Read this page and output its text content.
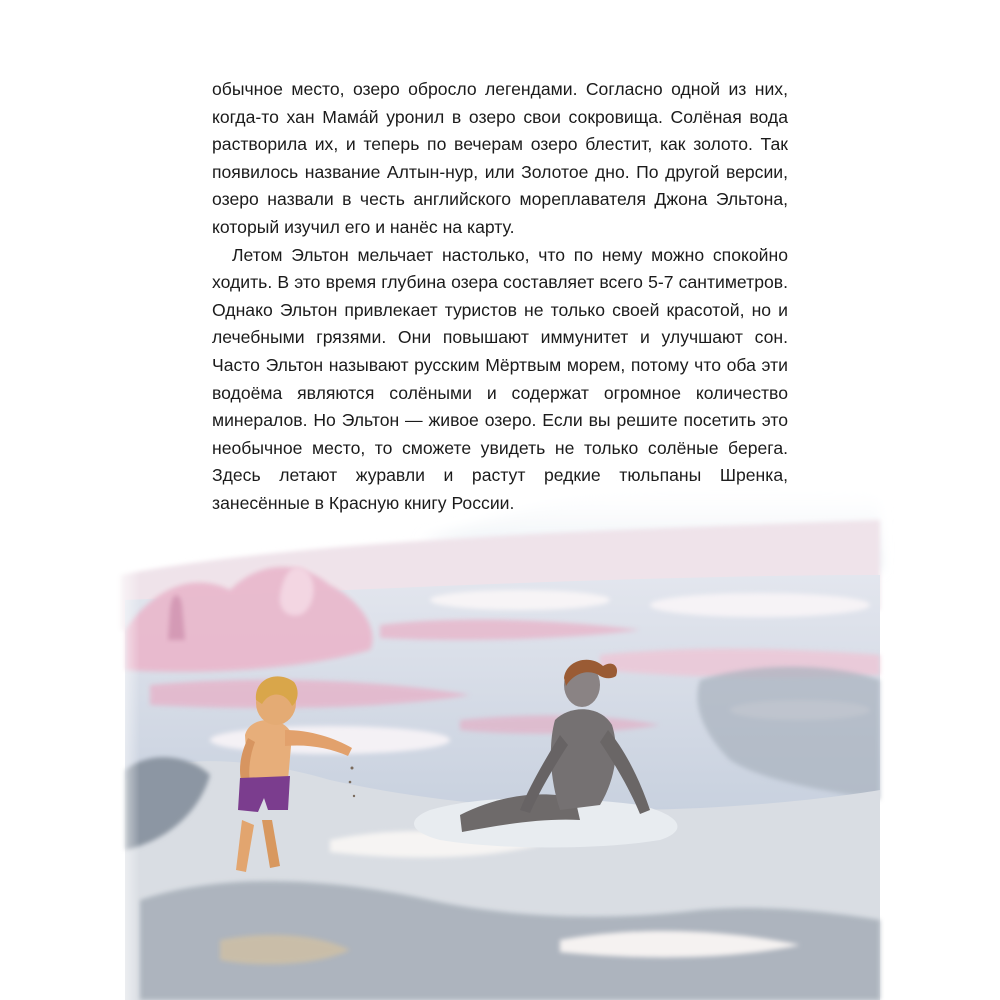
обычное место, озеро обросло легендами. Согласно одной из них, когда-то хан Мама́й уронил в озеро свои сокровища. Солёная вода растворила их, и теперь по вечерам озеро блестит, как золото. Так появилось название Алтын-нур, или Золотое дно. По другой версии, озеро назвали в честь английского мореплавателя Джона Эльтона, который изучил его и нанёс на карту.

Летом Эльтон мельчает настолько, что по нему можно спокойно ходить. В это время глубина озера составляет всего 5-7 сантиметров. Однако Эльтон привлекает туристов не только своей красотой, но и лечебными грязями. Они повышают иммунитет и улучшают сон. Часто Эльтон называют русским Мёртвым морем, потому что оба эти водоёма являются солёными и содержат огромное количество минералов. Но Эльтон — живое озеро. Если вы решите посетить это необычное место, то сможете увидеть не только солёные берега. Здесь летают журавли и растут редкие тюльпаны Шренка, занесённые в Красную книгу России.
